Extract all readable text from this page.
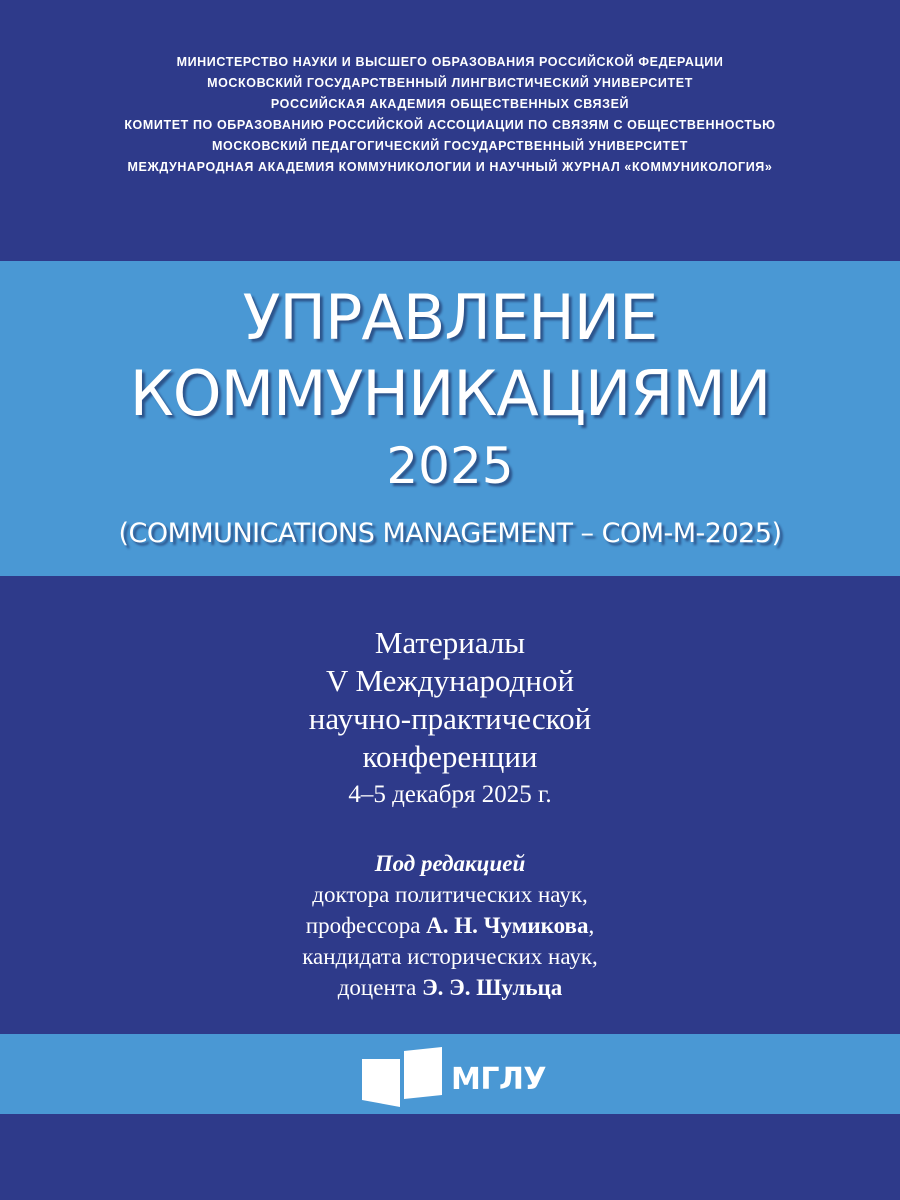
МИНИСТЕРСТВО НАУКИ И ВЫСШЕГО ОБРАЗОВАНИЯ РОССИЙСКОЙ ФЕДЕРАЦИИ
МОСКОВСКИЙ ГОСУДАРСТВЕННЫЙ ЛИНГВИСТИЧЕСКИЙ УНИВЕРСИТЕТ
РОССИЙСКАЯ АКАДЕМИЯ ОБЩЕСТВЕННЫХ СВЯЗЕЙ
КОМИТЕТ ПО ОБРАЗОВАНИЮ РОССИЙСКОЙ АССОЦИАЦИИ ПО СВЯЗЯМ С ОБЩЕСТВЕННОСТЬЮ
МОСКОВСКИЙ ПЕДАГОГИЧЕСКИЙ ГОСУДАРСТВЕННЫЙ УНИВЕРСИТЕТ
МЕЖДУНАРОДНАЯ АКАДЕМИЯ КОММУНИКОЛОГИИ И НАУЧНЫЙ ЖУРНАЛ «КОММУНИКОЛОГИЯ»
УПРАВЛЕНИЕ
КОММУНИКАЦИЯМИ
2025
(COMMUNICATIONS MANAGEMENT – COM-M-2025)
Материалы
V Международной
научно-практической
конференции
4–5 декабря 2025 г.
Под редакцией
доктора политических наук,
профессора А. Н. Чумикова,
кандидата исторических наук,
доцента Э. Э. Шульца
МГЛУ
